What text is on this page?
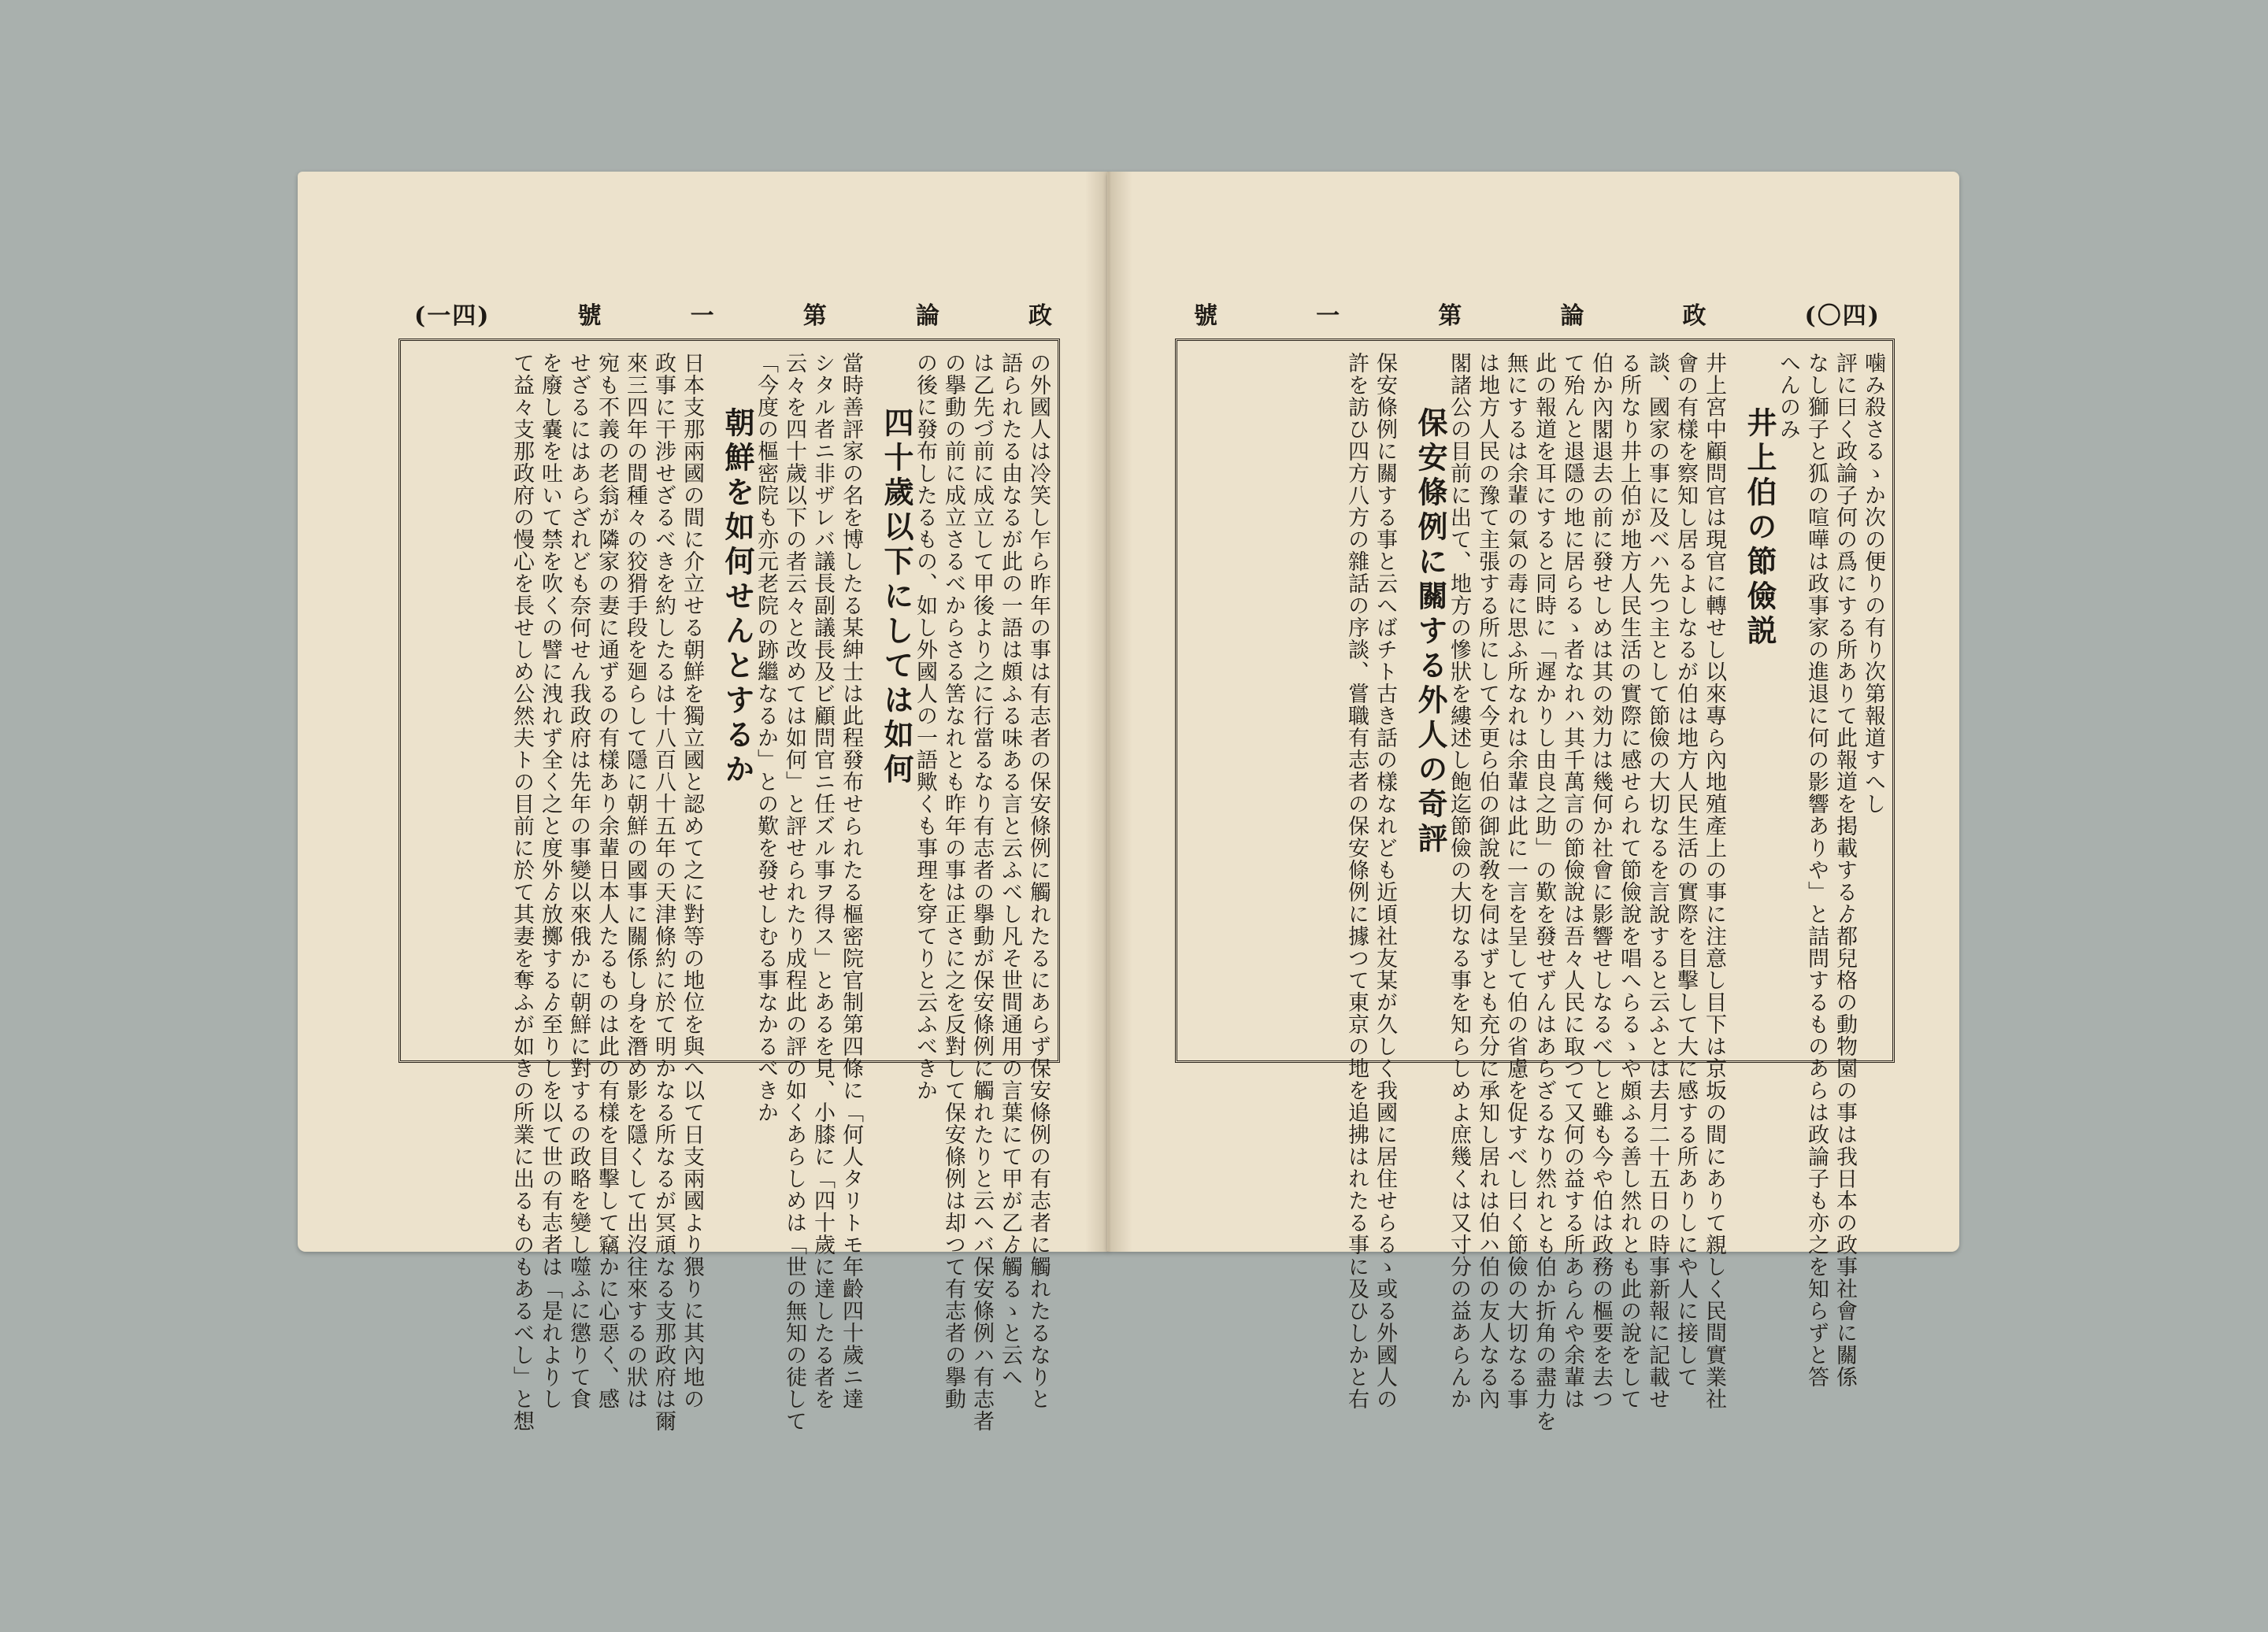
(一四)	號	一	第	論	政
の外國人は冷笑し乍ら昨年の事は有志者の保安條例に觸れたるにあらず保安條例の有志者に觸れたるなりと
語られたる由なるが此の一語は頗ふる味ある言と云ふべし凡そ世間通用の言葉にて甲が乙ゟ觸るゝと云へ
は乙先づ前に成立して甲後より之に行當るなり有志者の擧動が保安條例に觸れたりと云へバ保安條例ハ有志者
の擧動の前に成立さるべからさる筈なれとも昨年の事は正さに之を反對して保安條例は却つて有志者の擧動
の後に發布したるもの、如し外國人の一語歟くも事理を穿てりと云ふべきか
四十歲以下にしては如何
當時善評家の名を博したる某紳士は此程發布せられたる樞密院官制第四條に「何人タリトモ年齡四十歲ニ達
シタル者ニ非ザレバ議長副議長及ビ顧問官ニ任ズル事ヲ得ス」とあるを見、小膝に「四十歲に達したる者を
云々を四十歲以下の者云々と改めては如何」と評せられたり成程此の評の如くあらしめは「世の無知の徒して
「今度の樞密院も亦元老院の跡繼なるか」との歎を發せしむる事なかるべきか
朝鮮を如何せんとするか
日本支那兩國の間に介立せる朝鮮を獨立國と認めて之に對等の地位を與へ以て日支兩國より猥りに其內地の
政事に干涉せざるべきを約したるは十八百八十五年の天津條約に於て明かなる所なるが冥頑なる支那政府は爾
來三四年の間種々の狡猾手段を廻らして隱に朝鮮の國事に關係し身を潛め影を隱くして出沒往來するの狀は
宛も不義の老翁が隣家の妻に通ずるの有樣あり余輩日本人たるものは此の有樣を目擊して竊かに心惡く、感
せざるにはあらざれども奈何せん我政府は先年の事變以來俄かに朝鮮に對するの政略を變し噬ふに懲りて食
を廢し嚢を吐いて禁を吹くの譬に洩れず全く之と度外ゟ放擲するゟ至りしを以て世の有志者は「是れよりし
て益々支那政府の慢心を長せしめ公然夫トの目前に於て其妻を奪ふが如きの所業に出るものもあるべし」と想
號	一	第	論	政	(〇四)
噛み殺さるゝか次の便りの有り次第報道すへし
評に曰く政論子何の爲にする所ありて此報道を掲載するゟ都兒格の動物園の事は我日本の政事社會に關係
なし獅子と狐の喧嘩は政事家の進退に何の影響ありや」と詰問するものあらは政論子も亦之を知らずと答
へんのみ
井上伯の節儉説
井上宮中顧問官は現官に轉せし以來專ら內地殖產上の事に注意し目下は京坂の間にありて親しく民間實業社
會の有樣を察知し居るよしなるが伯は地方人民生活の實際を目擊して大に感する所ありしにや人に接して
談、國家の事に及べハ先つ主として節儉の大切なるを言說すると云ふとは去月二十五日の時事新報に記載せ
る所なり井上伯が地方人民生活の實際に感せられて節儉說を唱へらるゝや頗ふる善し然れとも此の說をして
伯か內閣退去の前に發せしめは其の効力は幾何か社會に影響せしなるべしと雖も今や伯は政務の樞要を去つ
て殆んと退隱の地に居らるゝ者なれハ其千萬言の節儉說は吾々人民に取つて又何の益する所あらんや余輩は
此の報道を耳にすると同時に「遲かりし由良之助」の歎を發せずんはあらざるなり然れとも伯か折角の盡力を
無にするは余輩の氣の毒に思ふ所なれは余輩は此に一言を呈して伯の省慮を促すべし曰く節儉の大切なる事
は地方人民の豫て主張する所にして今更ら伯の御說敎を伺はずとも充分に承知し居れは伯ハ伯の友人なる內
閣諸公の目前に出て、地方の慘狀を縷述し飽迄節儉の大切なる事を知らしめよ庶幾くは又寸分の益あらんか
保安條例に關する外人の奇評
保安條例に關する事と云へばチト古き話の樣なれども近頃社友某が久しく我國に居住せらるゝ或る外國人の
許を訪ひ四方八方の雜話の序談、嘗職有志者の保安條例に據つて東京の地を追拂はれたる事に及ひしかと右
